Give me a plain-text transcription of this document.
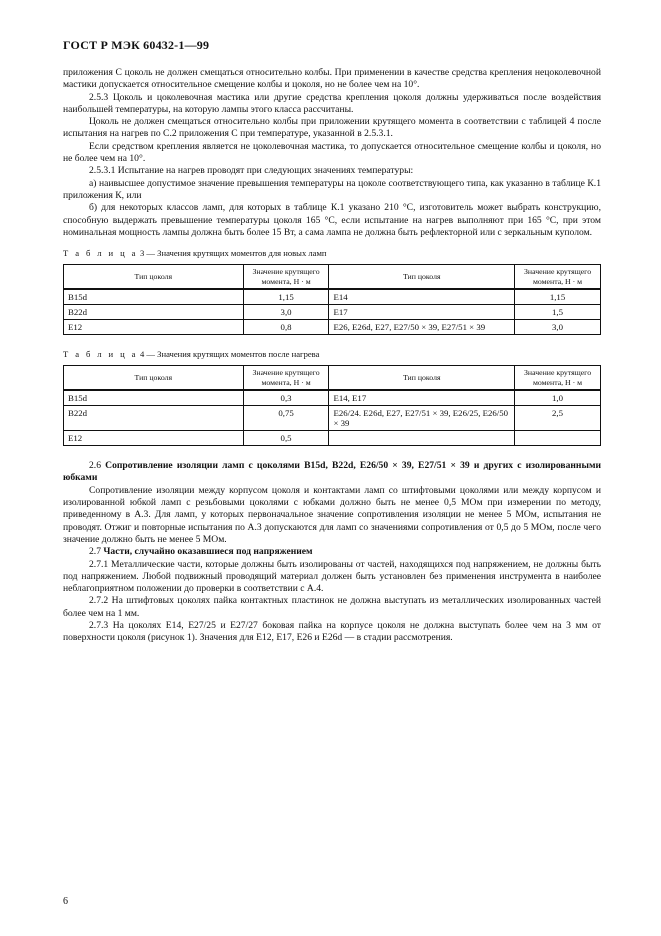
ГОСТ Р МЭК 60432-1—99

приложения С цоколь не должен смещаться относительно колбы. При применении в качестве средства крепления нецоколевочной мастики допускается относительное смещение колбы и цоколя, но не более чем на 10°.

2.5.3 Цоколь и цоколевочная мастика или другие средства крепления цоколя должны удерживаться после воздействия наибольшей температуры, на которую лампы этого класса рассчитаны.

Цоколь не должен смещаться относительно колбы при приложении крутящего момента в соответствии с таблицей 4 после испытания на нагрев по С.2 приложения С при температуре, указанной в 2.5.3.1.

Если средством крепления является не цоколевочная мастика, то допускается относительное смещение колбы и цоколя, но не более чем на 10°.

2.5.3.1 Испытание на нагрев проводят при следующих значениях температуры:

а) наивысшее допустимое значение превышения температуры на цоколе соответствующего типа, как указанно в таблице К.1 приложения К, или

б) для некоторых классов ламп, для которых в таблице К.1 указано 210 °С, изготовитель может выбрать конструкцию, способную выдержать превышение температуры цоколя 165 °С, если испытание на нагрев выполняют при 165 °С, при этом номинальная мощность лампы должна быть более 15 Вт, а сама лампа не должна быть рефлекторной или с зеркальным куполом.

Т а б л и ц а 3 — Значения крутящих моментов для новых ламп
Тип цоколя	Значение крутящего момента, Н · м	Тип цоколя	Значение крутящего момента, Н · м
B15d	1,15	E14	1,15
B22d	3,0	E17	1,5
E12	0,8	E26, E26d, E27, E27/50 × 39, E27/51 × 39	3,0
Т а б л и ц а 4 — Значения крутящих моментов после нагрева
Тип цоколя	Значение крутящего момента, Н · м	Тип цоколя	Значение крутящего момента, Н · м
B15d	0,3	E14, E17	1,0
B22d	0,75	E26/24. E26d, E27, E27/51 × 39, E26/25, E26/50 × 39	2,5
E12	0,5		

2.6 Сопротивление изоляции ламп с цоколями B15d, B22d, E26/50 × 39, E27/51 × 39 и других с изолированными юбками

Сопротивление изоляции между корпусом цоколя и контактами ламп со штифтовыми цоколями или между корпусом и изолированной юбкой ламп с резьбовыми цоколями с юбками должно быть не менее 0,5 МОм при измерении по методу, приведенному в А.3. Для ламп, у которых первоначальное значение сопротивления изоляции не менее 5 МОм, испытания не проводят. Отжиг и повторные испытания по А.3 допускаются для ламп со значениями сопротивления от 0,5 до 5 МОм, после чего значение должно быть не менее 5 МОм.

2.7 Части, случайно оказавшиеся под напряжением

2.7.1 Металлические части, которые должны быть изолированы от частей, находящихся под напряжением, не должны быть под напряжением. Любой подвижный проводящий материал должен быть установлен без применения инструмента в наиболее неблагоприятном положении до проверки в соответствии с А.4.

2.7.2 На штифтовых цоколях пайка контактных пластинок не должна выступать из металлических изолированных частей более чем на 1 мм.

2.7.3 На цоколях E14, E27/25 и E27/27 боковая пайка на корпусе цоколя не должна выступать более чем на 3 мм от поверхности цоколя (рисунок 1). Значения для E12, E17, E26 и E26d — в стадии рассмотрения.

6
